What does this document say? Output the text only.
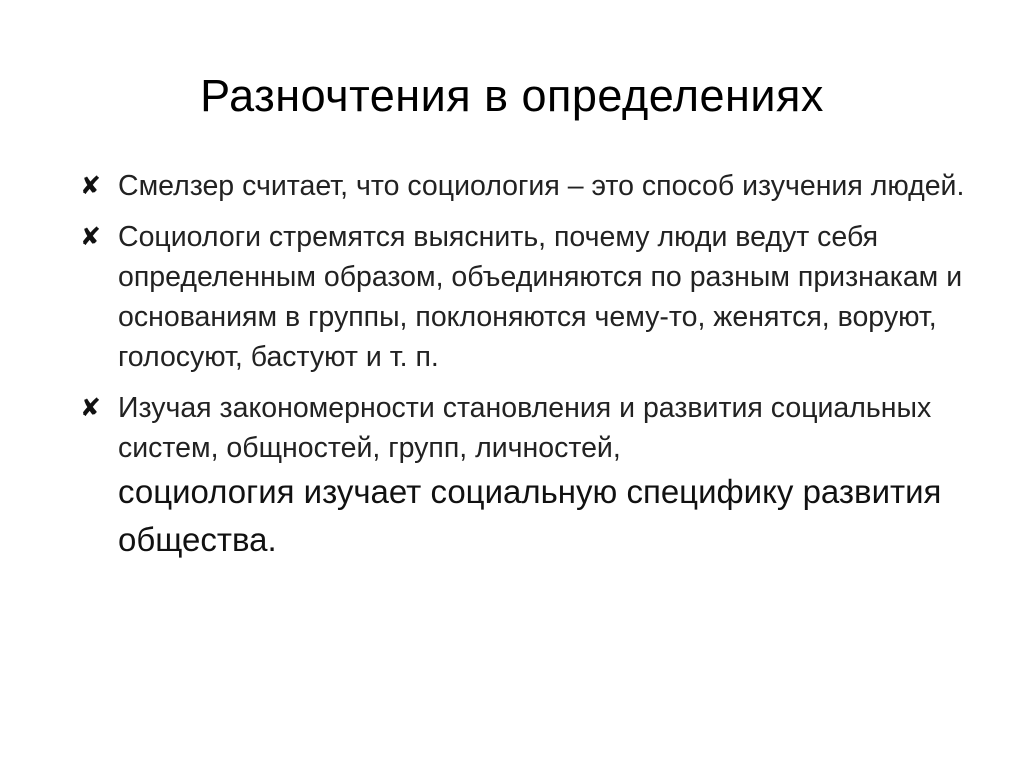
Разночтения в определениях
✘ Смелзер считает, что социология – это способ изучения людей.
✘ Социологи стремятся выяснить, почему люди ведут себя определенным образом, объединяются по разным признакам и основаниям в группы, поклоняются чему-то, женятся, воруют, голосуют, бастуют и т. п.
✘ Изучая закономерности становления и развития социальных систем, общностей, групп, личностей,
социология изучает социальную специфику развития общества.
